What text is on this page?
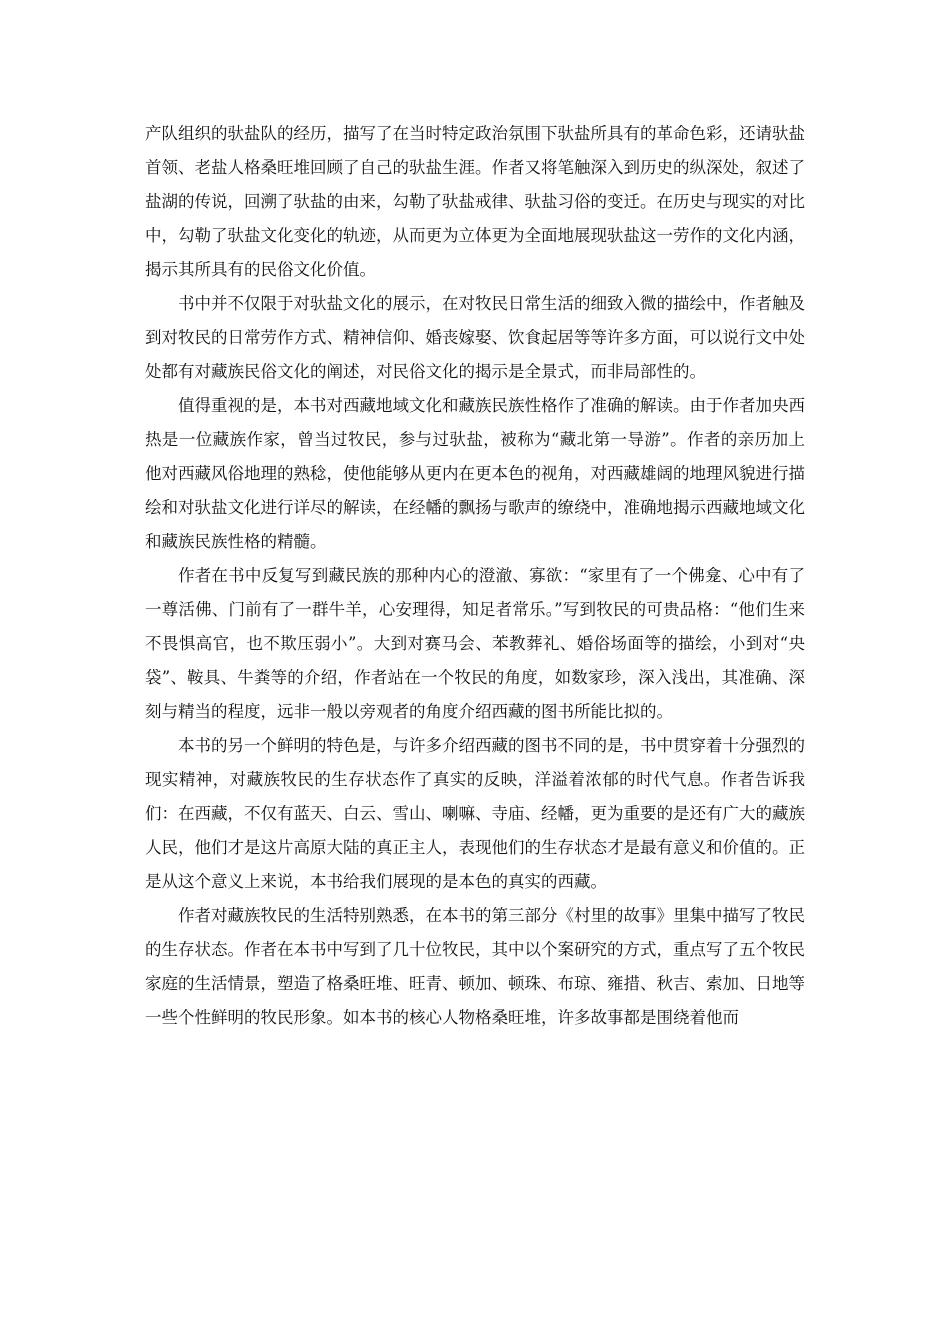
产队组织的驮盐队的经历，描写了在当时特定政治氛围下驮盐所具有的革命色彩，还请驮盐首领、老盐人格桑旺堆回顾了自己的驮盐生涯。作者又将笔触深入到历史的纵深处，叙述了盐湖的传说，回溯了驮盐的由来，勾勒了驮盐戒律、驮盐习俗的变迁。在历史与现实的对比中，勾勒了驮盐文化变化的轨迹，从而更为立体更为全面地展现驮盐这一劳作的文化内涵，揭示其所具有的民俗文化价值。

书中并不仅限于对驮盐文化的展示，在对牧民日常生活的细致入微的描绘中，作者触及到对牧民的日常劳作方式、精神信仰、婚丧嫁娶、饮食起居等等许多方面，可以说行文中处处都有对藏族民俗文化的阐述，对民俗文化的揭示是全景式，而非局部性的。

值得重视的是，本书对西藏地域文化和藏族民族性格作了准确的解读。由于作者加央西热是一位藏族作家，曾当过牧民，参与过驮盐，被称为“藏北第一导游”。作者的亲历加上他对西藏风俗地理的熟稔，使他能够从更内在更本色的视角，对西藏雄阔的地理风貌进行描绘和对驮盐文化进行详尽的解读，在经幡的飘扬与歌声的缭绕中，准确地揭示西藏地域文化和藏族民族性格的精髓。

作者在书中反复写到藏民族的那种内心的澄澈、寡欲：“家里有了一个佛龛、心中有了一尊活佛、门前有了一群牛羊，心安理得，知足者常乐。”写到牧民的可贵品格：“他们生来不畏惧高官，也不欺压弱小”。大到对赛马会、苯教葬礼、婚俗场面等的描绘，小到对“央袋”、鞍具、牛粪等的介绍，作者站在一个牧民的角度，如数家珍，深入浅出，其准确、深刻与精当的程度，远非一般以旁观者的角度介绍西藏的图书所能比拟的。

本书的另一个鲜明的特色是，与许多介绍西藏的图书不同的是，书中贯穿着十分强烈的现实精神，对藏族牧民的生存状态作了真实的反映，洋溢着浓郁的时代气息。作者告诉我们：在西藏，不仅有蓝天、白云、雪山、喇嘛、寺庙、经幡，更为重要的是还有广大的藏族人民，他们才是这片高原大陆的真正主人，表现他们的生存状态才是最有意义和价值的。正是从这个意义上来说，本书给我们展现的是本色的真实的西藏。

作者对藏族牧民的生活特别熟悉，在本书的第三部分《村里的故事》里集中描写了牧民的生存状态。作者在本书中写到了几十位牧民，其中以个案研究的方式，重点写了五个牧民家庭的生活情景，塑造了格桑旺堆、旺青、顿加、顿珠、布琼、雍措、秋吉、索加、日地等一些个性鲜明的牧民形象。如本书的核心人物格桑旺堆，许多故事都是围绕着他而
